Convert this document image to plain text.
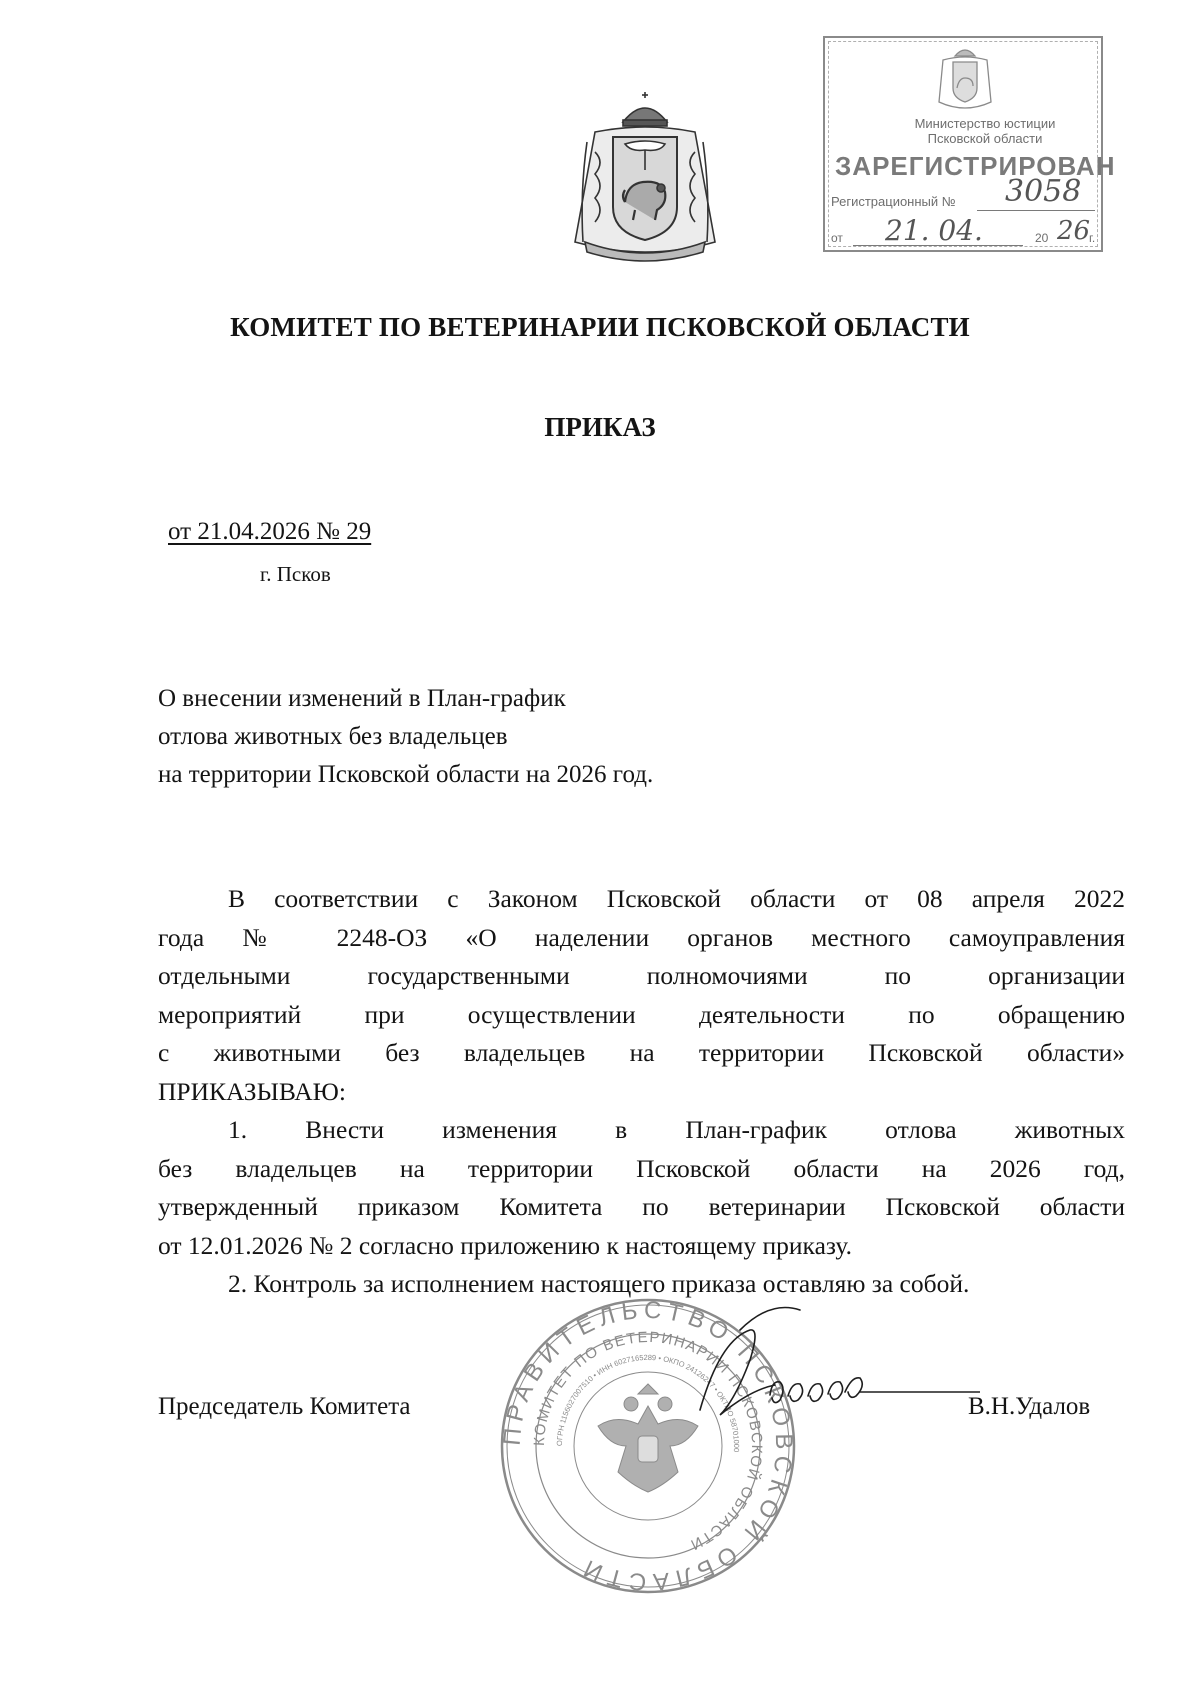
Министерство юстиции
Псковской области
ЗАРЕГИСТРИРОВАН
Регистрационный № 3058
от 21. 04.	20 26
г.
КОМИТЕТ ПО ВЕТЕРИНАРИИ ПСКОВСКОЙ ОБЛАСТИ
ПРИКАЗ
от 21.04.2026 № 29
г. Псков
О внесении изменений в План-график
отлова животных без владельцев
на территории Псковской области на 2026 год.
В соответствии с Законом Псковской области от 08 апреля 2022
года № 2248-ОЗ «О наделении органов местного самоуправления
отдельными государственными полномочиями по организации
мероприятий при осуществлении деятельности по обращению
с животными без владельцев на территории Псковской области»
ПРИКАЗЫВАЮ:
1. Внести изменения в План-график отлова животных
без владельцев на территории Псковской области на 2026 год,
утвержденный приказом Комитета по ветеринарии Псковской области
от 12.01.2026 № 2 согласно приложению к настоящему приказу.
2. Контроль за исполнением настоящего приказа оставляю за собой.
ПРАВИТЕЛЬСТВО ПСКОВСКОЙ ОБЛАСТИ
КОМИТЕТ ПО ВЕТЕРИНАРИИ ПСКОВСКОЙ ОБЛАСТИ
ОГРН 1156027007510 • ИНН 6027165289 • ОКПО 24126247 • ОКТМО 58701000
Председатель Комитета	В.Н.Удалов
